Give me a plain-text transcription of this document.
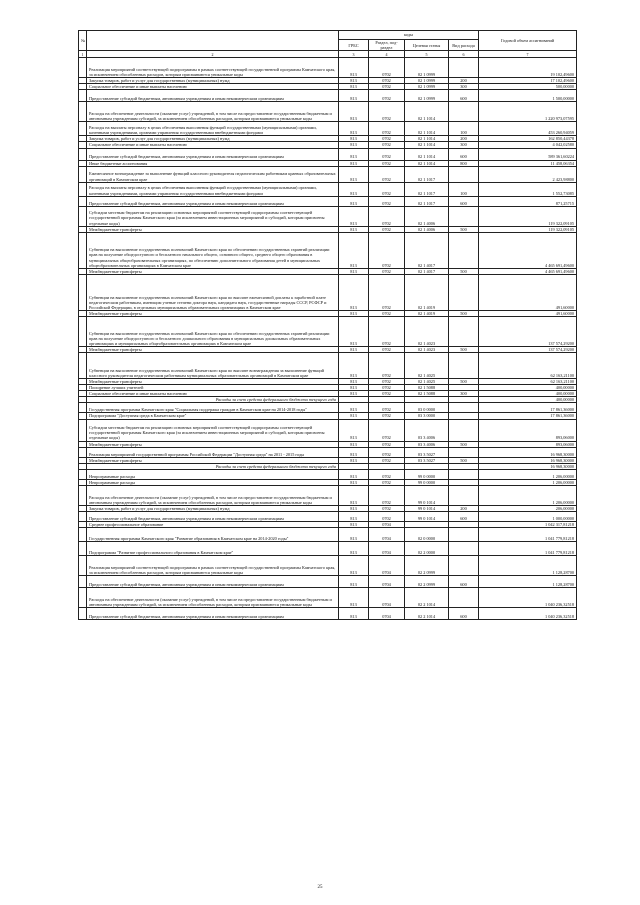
№		коды				Годовой объем ассигнований
		ГРБС	Раздел, под-раздел	Целевая статья	Вид расхода	
1	2	3	4	5	6	7
	Реализация мероприятий соответствующей подпрограммы в рамках соответствующей государственной программы Камчатского края, за исключением обособленных расходов, которым присваиваются уникальные коды	813	0702	02 1 0999		19 102,49600
	Закупка товаров, работ и услуг для государственных (муниципальных) нужд	813	0702	02 1 0999	200	17 102,49600
	Социальное обеспечение и иные выплаты населению	813	0702	02 1 0999	300	500,00000
	Предоставление субсидий бюджетным, автономным учреждениям и иным некоммерческим организациям	813	0702	02 1 0999	600	1 500,00000
	Расходы на обеспечение деятельности (оказание услуг) учреждений, в том числе на предоставление государственным бюджетным и автономным учреждениям субсидий, за исключением обособленных расходов, которым присваиваются уникальные коды	813	0702	02 1 1014		1 220 973,07595
	Расходы на выплаты персоналу в целях обеспечения выполнения функций государственными (муниципальными) органами, казенными учреждениями, органами управления государственными внебюджетными фондами	813	0702	02 1 1014	100	453 260,94059
	Закупка товаров, работ и услуг для государственных (муниципальных) нужд	813	0702	02 1 1014	200	162 850,44378
	Социальное обеспечение и иные выплаты населению	813	0702	02 1 1014	300	4 042,02580
	Предоставление субсидий бюджетным, автономным учреждениям и иным некоммерческим организациям	813	0702	02 1 1014	600	589 361,60224
	Иные бюджетные ассигнования	813	0702	02 1 1014	800	11 458,06354
	Ежемесячное вознаграждение за выполнение функций классного руководителя педагогическим работникам краевых образовательных организаций в Камчатском крае	813	0702	02 1 1017		2 423,98800
	Расходы на выплаты персоналу в целях обеспечения выполнения функций государственными (муниципальными) органами, казенными учреждениями, органами управления государственными внебюджетными фондами	813	0702	02 1 1017	100	1 552,73085
	Предоставление субсидий бюджетным, автономным учреждениям и иным некоммерческим организациям	813	0702	02 1 1017	600	871,25715
	Субсидии местным бюджетам на реализацию основных мероприятий соответствующей подпрограммы соответствующей государственной программы Камчатского края (за исключением инвестиционных мероприятий и субсидий, которым присвоены отдельные коды)	813	0702	02 1 4006		119 322,09105
	Межбюджетные трансферты	813	0702	02 1 4006	500	119 322,09105
	Субвенции на выполнение государственных полномочий Камчатского края по обеспечению государственных гарантий реализации прав на получение общедоступного и бесплатного начального общего, основного общего, среднего общего образования в муниципальных общеобразовательных организациях, по обеспечению дополнительного образования детей в муниципальных общеобразовательных организациях в Камчатском крае	813	0702	02 1 4017		4 465 691,49600
	Межбюджетные трансферты	813	0702	02 1 4017	500	4 465 691,49600
	Субвенции на выполнение государственных полномочий Камчатского края по выплате ежемесячной доплаты к заработной плате педагогическим работникам, имеющим ученые степени доктора наук, кандидата наук, государственные награды СССР, РСФСР и Российской Федерации, в отдельных муниципальных образовательных организациях в Камчатском крае	813	0702	02 1 4019		491,60000
	Межбюджетные трансферты	813	0702	02 1 4019	500	491,60000
	Субвенции на выполнение государственных полномочий Камчатского края по обеспечению государственных гарантий реализации прав на получение общедоступного и бесплатного дошкольного образования в муниципальных дошкольных образовательных организациях и муниципальных общеобразовательных организациях в Камчатском крае	813	0702	02 1 4023		137 574,29200
	Межбюджетные трансферты	813	0702	02 1 4023	500	137 574,29200
	Субвенции на выполнение государственных полномочий Камчатского края по выплате вознаграждения за выполнение функций классного руководителя педагогическим работникам муниципальных образовательных организаций в Камчатском крае	813	0702	02 1 4025		62 163,21100
	Межбюджетные трансферты	813	0702	02 1 4025	500	62 163,21100
	Поощрение лучших учителей	813	0702	02 1 5088		400,00000
	Социальное обеспечение и иные выплаты населению	813	0702	02 1 5088	300	400,00000
	Расходы за счет средств федерального бюджета текущего года					400,00000
	Государственная программа Камчатского края "Социальная поддержка граждан в Камчатском крае на 2014-2018 годы"	813	0702	03 0 0000		17 861,36000
	Подпрограмма "Доступная среда в Камчатском крае"	813	0702	03 3 0000		17 861,36000
	Субсидии местным бюджетам на реализацию основных мероприятий соответствующей подпрограммы соответствующей государственной программы Камчатского края (за исключением инвестиционных мероприятий и субсидий, которым присвоены отдельные коды)	813	0702	03 3 4006		893,06000
	Межбюджетные трансферты	813	0702	03 3 4006	500	893,06000
	Реализация мероприятий государственной программы Российской Федерации "Доступная среда" на 2011 - 2015 годы	813	0702	03 3 5027		16 968,30000
	Межбюджетные трансферты	813	0702	03 3 5027	500	16 968,30000
	Расходы за счет средств федерального бюджета текущего года					16 968,30000
	Непрограммные расходы	813	0702	99 0 0000		1 206,00000
	Непрограммные расходы	813	0702	99 0 0000		1 206,00000
	Расходы на обеспечение деятельности (оказание услуг) учреждений, в том числе на предоставление государственным бюджетным и автономным учреждениям субсидий, за исключением обособленных расходов, которым присваиваются уникальные коды	813	0702	99 0 1014		1 206,00000
	Закупка товаров, работ и услуг для государственных (муниципальных) нужд	813	0702	99 0 1014	200	206,00000
	Предоставление субсидий бюджетным, автономным учреждениям и иным некоммерческим организациям	813	0702	99 0 1014	600	1 000,00000
	Среднее профессиональное образование	813	0704			1 042 317,81218
	Государственная программа Камчатского края "Развитие образования в Камчатском крае на 2014-2020 годы"	813	0704	02 0 0000		1 041 779,81218
	Подпрограмма "Развитие профессионального образования в Камчатском крае"	813	0704	02 2 0000		1 041 779,81218
	Реализация мероприятий соответствующей подпрограммы в рамках соответствующей государственной программы Камчатского края, за исключением обособленных расходов, которым присваиваются уникальные коды	813	0704	02 2 0999		1 128,28700
	Предоставление субсидий бюджетным, автономным учреждениям и иным некоммерческим организациям	813	0704	02 2 0999	600	1 128,28700
	Расходы на обеспечение деятельности (оказание услуг) учреждений, в том числе на предоставление государственным бюджетным и автономным учреждениям субсидий, за исключением обособленных расходов, которым присваиваются уникальные коды	813	0704	02 2 1014		1 040 236,32518
	Предоставление субсидий бюджетным, автономным учреждениям и иным некоммерческим организациям	813	0704	02 2 1014	600	1 040 236,32518
25
